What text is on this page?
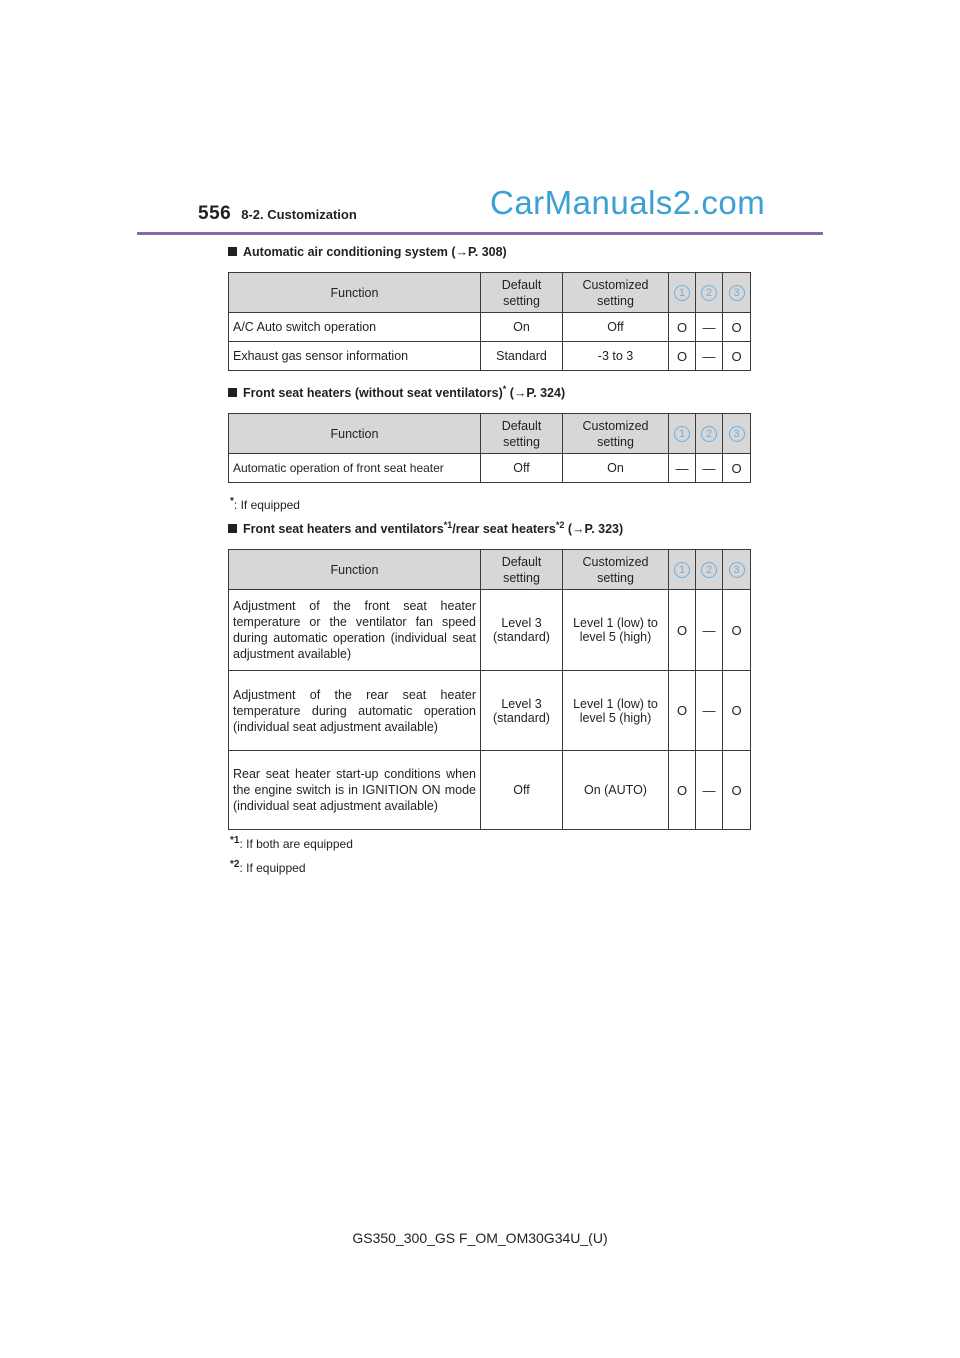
556 8-2. Customization	CarManuals2.com
Automatic air conditioning system (→P. 308)
Function	Default setting	Customized setting	1	2	3
A/C Auto switch operation	On	Off	O	—	O
Exhaust gas sensor information	Standard	-3 to 3	O	—	O
Front seat heaters (without seat ventilators)* (→P. 324)
Function	Default setting	Customized setting	1	2	3
Automatic operation of front seat heater	Off	On	—	—	O
*: If equipped
Front seat heaters and ventilators$^{*1}$/rear seat heaters$^{*2}$ (→P. 323)
Function	Default setting	Customized setting	1	2	3
Adjustment of the front seat heater temperature or the ventilator fan speed during automatic operation (individual seat adjustment available)	Level 3 (standard)	Level 1 (low) to level 5 (high)	O	—	O
Adjustment of the rear seat heater temperature during automatic operation (individual seat adjustment available)	Level 3 (standard)	Level 1 (low) to level 5 (high)	O	—	O
Rear seat heater start-up conditions when the engine switch is in IGNITION ON mode (individual seat adjustment available)	Off	On (AUTO)	O	—	O
$^{*1}$: If both are equipped
$^{*2}$: If equipped
GS350_300_GS F_OM_OM30G34U_(U)
